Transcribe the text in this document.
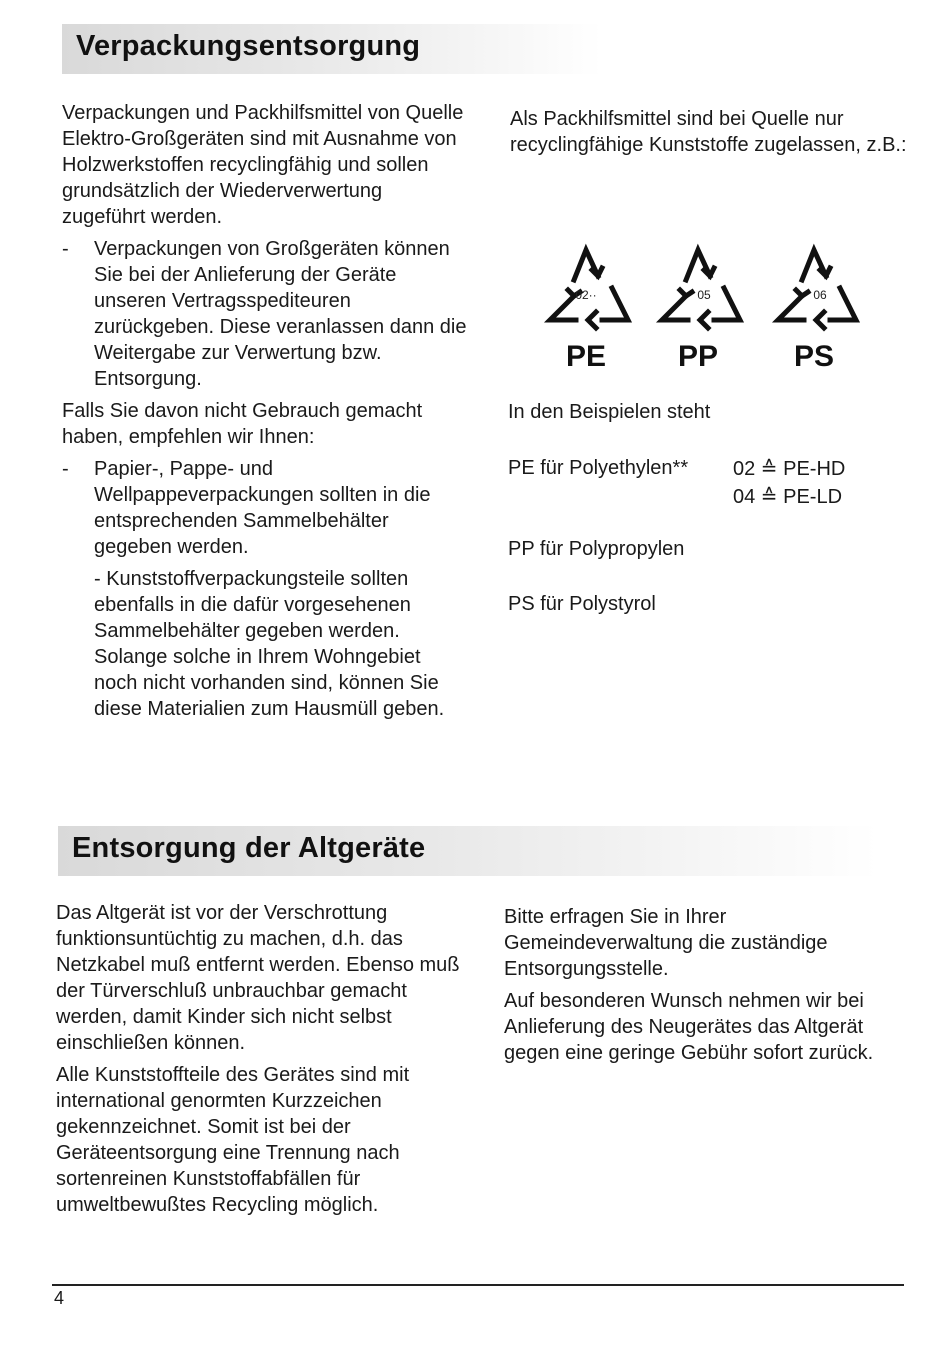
Verpackungsentsorgung

Verpackungen und Packhilfsmittel von Quelle Elektro-Großgeräten sind mit Ausnahme von Holzwerkstoffen recyclingfähig und sollen grundsätzlich der Wiederverwertung zugeführt werden.

- Verpackungen von Großgeräten können Sie bei der Anlieferung der Geräte unseren Vertragsspediteuren zurückgeben. Diese veranlassen dann die Weitergabe zur Verwertung bzw. Entsorgung.

Falls Sie davon nicht Gebrauch gemacht haben, empfehlen wir Ihnen:

- Papier-, Pappe- und Wellpappeverpackungen sollten in die entsprechenden Sammelbehälter gegeben werden.
- Kunststoffverpackungsteile sollten ebenfalls in die dafür vorgesehenen Sammelbehälter gegeben werden. Solange solche in Ihrem Wohngebiet noch nicht vorhanden sind, können Sie diese Materialien zum Hausmüll geben.

Als Packhilfsmittel sind bei Quelle nur recyclingfähige Kunststoffe zugelassen, z.B.:

02··
PE
05
PP
06
PS
In den Beispielen steht
PE für Polyethylen** 02 ≙ PE-HD
04 ≙ PE-LD
PP für Polypropylen
PS für Polystyrol
Entsorgung der Altgeräte

Das Altgerät ist vor der Verschrottung funktionsuntüchtig zu machen, d.h. das Netzkabel muß entfernt werden. Ebenso muß der Türverschluß unbrauchbar gemacht werden, damit Kinder sich nicht selbst einschließen können.

Alle Kunststoffteile des Gerätes sind mit international genormten Kurzzeichen gekennzeichnet. Somit ist bei der Geräteentsorgung eine Trennung nach sortenreinen Kunststoffabfällen für umweltbewußtes Recycling möglich.

Bitte erfragen Sie in Ihrer Gemeindeverwaltung die zuständige Entsorgungsstelle.

Auf besonderen Wunsch nehmen wir bei Anlieferung des Neugerätes das Altgerät gegen eine geringe Gebühr sofort zurück.

4
